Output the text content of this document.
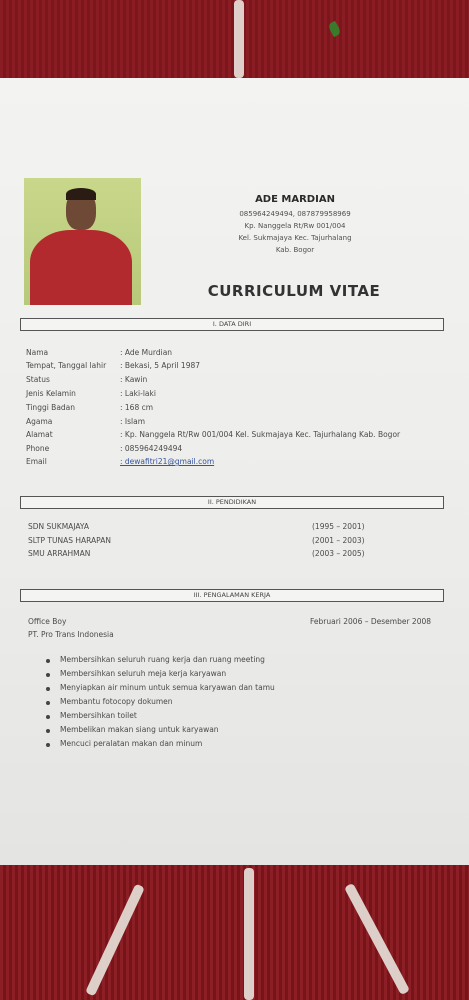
ADE MARDIAN
085964249494, 087879958969
Kp. Nanggela Rt/Rw 001/004
Kel. Sukmajaya Kec. Tajurhalang
Kab. Bogor
CURRICULUM VITAE
I. DATA DIRI
Nama	: Ade Murdian
Tempat, Tanggal lahir : Bekasi, 5 April 1987
Status	: Kawin
Jenis Kelamin	: Laki-laki
Tinggi Badan	: 168 cm
Agama	: Islam
Alamat	: Kp. Nanggela Rt/Rw 001/004 Kel. Sukmajaya Kec. Tajurhalang Kab. Bogor
Phone	: 085964249494
Email	: dewafitri21@gmail.com
II. PENDIDIKAN
SDN SUKMAJAYA	(1995 – 2001)
SLTP TUNAS HARAPAN	(2001 – 2003)
SMU ARRAHMAN	(2003 – 2005)
III. PENGALAMAN KERJA
Office Boy	Februari 2006 – Desember 2008
PT. Pro Trans Indonesia
Membersihkan seluruh ruang kerja dan ruang meeting
Membersihkan seluruh meja kerja karyawan
Menyiapkan air minum untuk semua karyawan dan tamu
Membantu fotocopy dokumen
Membersihkan toilet
Membelikan makan siang untuk karyawan
Mencuci peralatan makan dan minum
